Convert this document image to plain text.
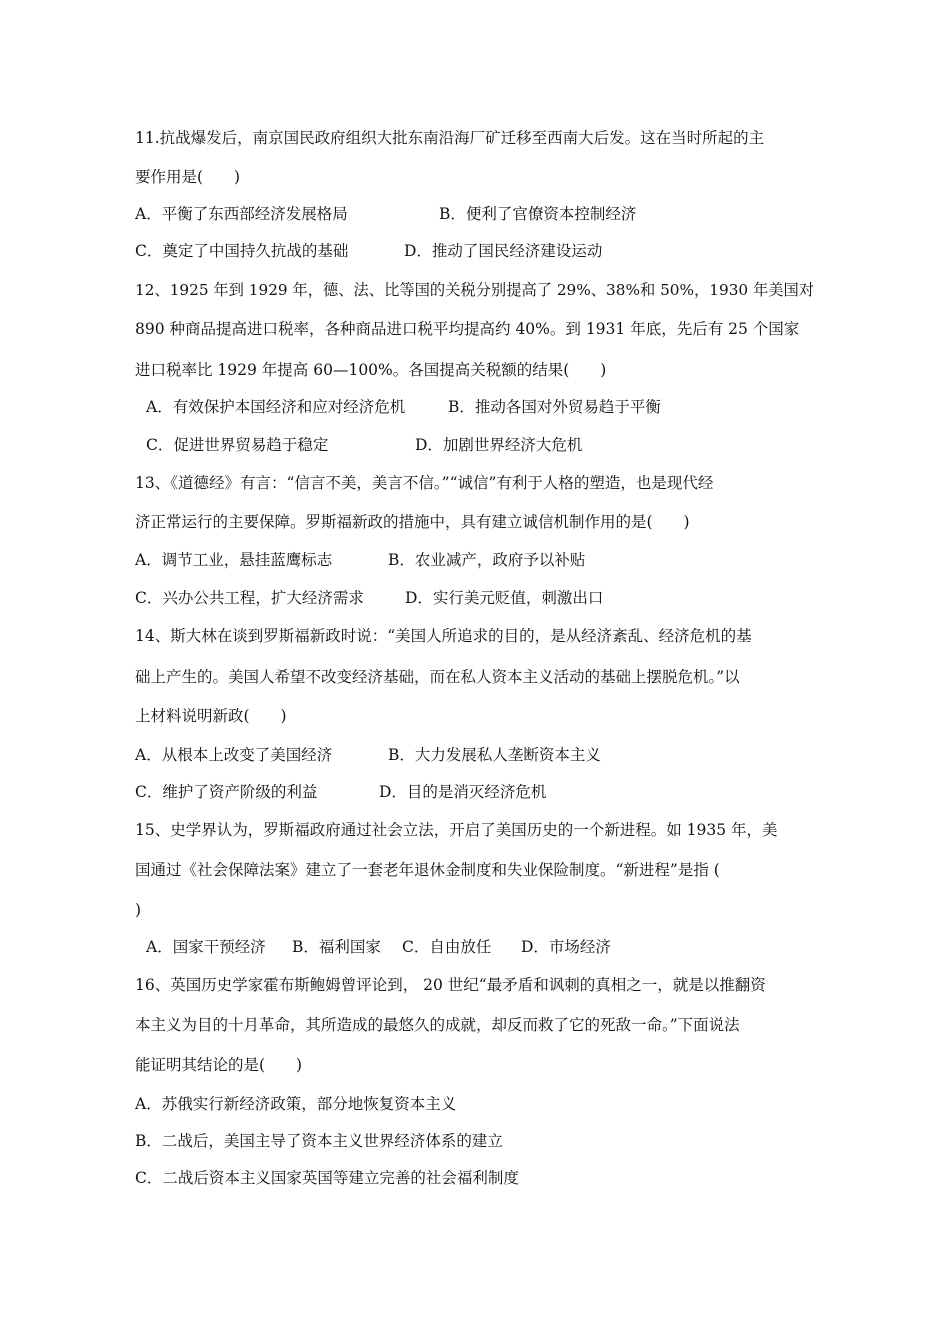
11.抗战爆发后，南京国民政府组织大批东南沿海厂矿迁移至西南大后发。这在当时所起的主
要作用是(　　)

A．平衡了东西部经济发展格局

	B．便利了官僚资本控制经济

C．奠定了中国持久抗战的基础

	D．推动了国民经济建设运动

12、1925 年到 1929 年，德、法、比等国的关税分别提高了 29%、38%和 50%，1930 年美国对
890 种商品提高进口税率，各种商品进口税平均提高约 40%。到 1931 年底，先后有 25 个国家
进口税率比 1929 年提高 60—100%。各国提高关税额的结果(　　)

A．有效保护本国经济和应对经济危机

	B．推动各国对外贸易趋于平衡

C．促进世界贸易趋于稳定

	D．加剧世界经济大危机

13、《道德经》有言：“信言不美，美言不信。”“诚信”有利于人格的塑造，也是现代经
济正常运行的主要保障。罗斯福新政的措施中，具有建立诚信机制作用的是(　　)

A．调节工业，悬挂蓝鹰标志

	B．农业减产，政府予以补贴

C．兴办公共工程，扩大经济需求

	D．实行美元贬值，刺激出口

14、斯大林在谈到罗斯福新政时说：“美国人所追求的目的，是从经济紊乱、经济危机的基
础上产生的。美国人希望不改变经济基础，而在私人资本主义活动的基础上摆脱危机。”以
上材料说明新政(　　)

A．从根本上改变了美国经济

	B．大力发展私人垄断资本主义

C．维护了资产阶级的利益

	D．目的是消灭经济危机

15、史学界认为，罗斯福政府通过社会立法，开启了美国历史的一个新进程。如 1935 年，美
国通过《社会保障法案》建立了一套老年退休金制度和失业保险制度。“新进程”是指 (
)

A．国家干预经济

B．福利国家

C．自由放任

D．市场经济

16、英国历史学家霍布斯鲍姆曾评论到， 20 世纪“最矛盾和讽刺的真相之一，就是以推翻资
本主义为目的十月革命，其所造成的最悠久的成就，却反而救了它的死敌一命。”下面说法
能证明其结论的是(　　)
A．苏俄实行新经济政策，部分地恢复资本主义
B．二战后，美国主导了资本主义世界经济体系的建立
C．二战后资本主义国家英国等建立完善的社会福利制度
